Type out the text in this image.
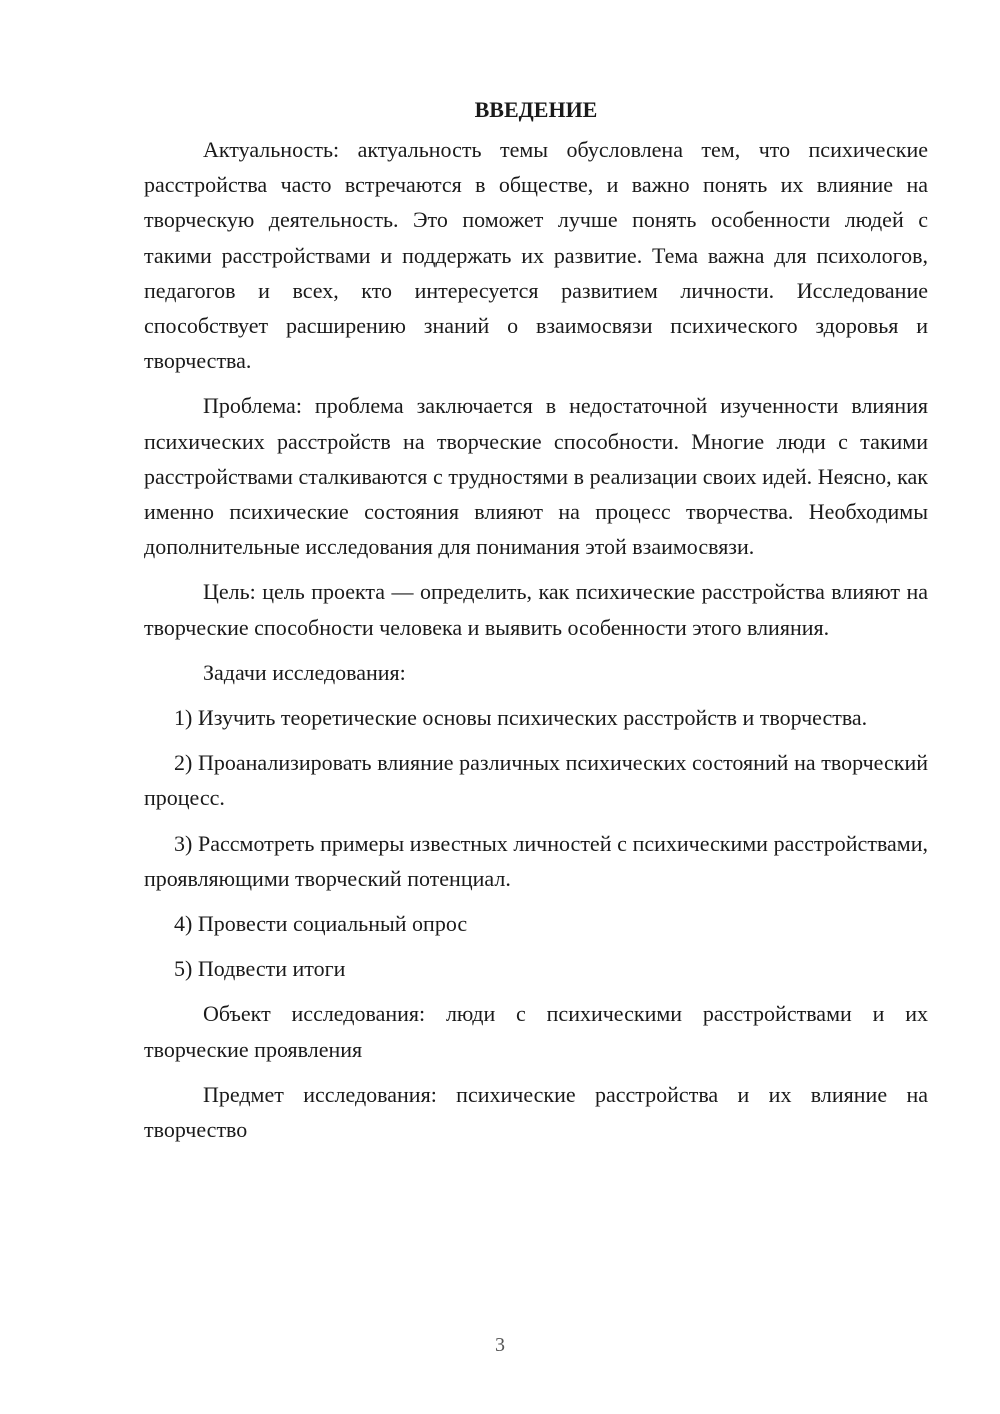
ВВЕДЕНИЕ

Актуальность: актуальность темы обусловлена тем, что психические расстройства часто встречаются в обществе, и важно понять их влияние на творческую деятельность. Это поможет лучше понять особенности людей с такими расстройствами и поддержать их развитие. Тема важна для психологов, педагогов и всех, кто интересуется развитием личности. Исследование способствует расширению знаний о взаимосвязи психического здоровья и творчества.

Проблема: проблема заключается в недостаточной изученности влияния психических расстройств на творческие способности. Многие люди с такими расстройствами сталкиваются с трудностями в реализации своих идей. Неясно, как именно психические состояния влияют на процесс творчества. Необходимы дополнительные исследования для понимания этой взаимосвязи.

Цель: цель проекта — определить, как психические расстройства влияют на творческие способности человека и выявить особенности этого влияния.

Задачи исследования:

1) Изучить теоретические основы психических расстройств и творчества.

2) Проанализировать влияние различных психических состояний на творческий процесс.

3) Рассмотреть примеры известных личностей с психическими расстройствами, проявляющими творческий потенциал.

4) Провести социальный опрос

5) Подвести итоги

Объект исследования: люди с психическими расстройствами и их творческие проявления

Предмет исследования: психические расстройства и их влияние на творчество

3
